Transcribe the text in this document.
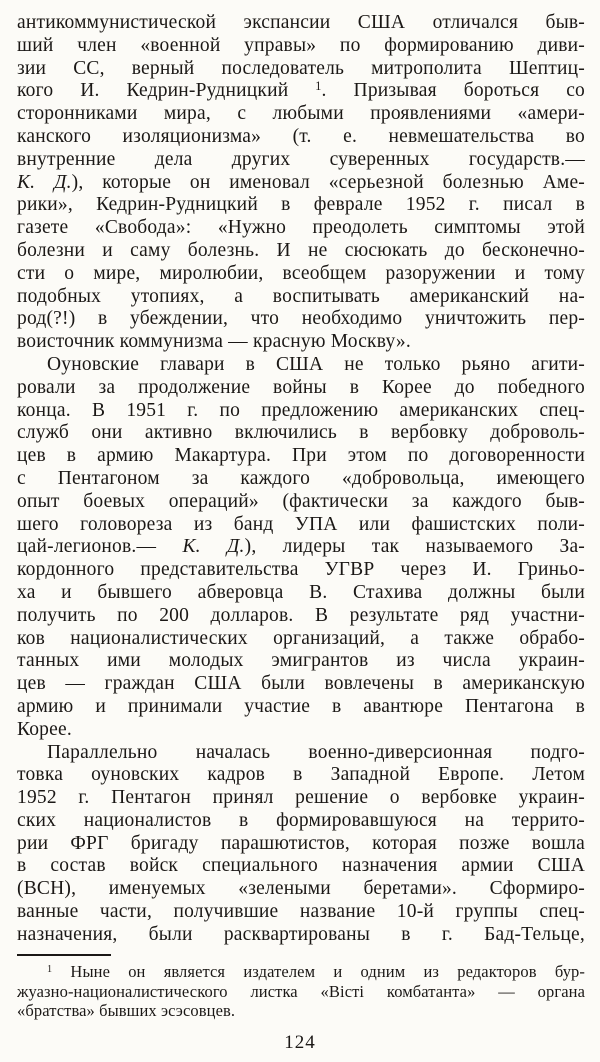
антикоммунистической экспансии США отличался быв-
ший член «военной управы» по формированию диви-
зии СС, верный последователь митрополита Шептиц-
кого И. Кедрин-Рудницкий $^1$. Призывая бороться со
сторонниками мира, с любыми проявлениями «амери-
канского изоляционизма» (т. е. невмешательства во
внутренние дела других суверенных государств.—
К. Д.), которые он именовал «серьезной болезнью Аме-
рики», Кедрин-Рудницкий в феврале 1952 г. писал в
газете «Свобода»: «Нужно преодолеть симптомы этой
болезни и саму болезнь. И не сюсюкать до бесконечно-
сти о мире, миролюбии, всеобщем разоружении и тому
подобных утопиях, а воспитывать американский на-
род(?!) в убеждении, что необходимо уничтожить пер-
воисточник коммунизма — красную Москву».
Оуновские главари в США не только рьяно агити-
ровали за продолжение войны в Корее до победного
конца. В 1951 г. по предложению американских спец-
служб они активно включились в вербовку доброволь-
цев в армию Макартура. При этом по договоренности
с Пентагоном за каждого «добровольца, имеющего
опыт боевых операций» (фактически за каждого быв-
шего головореза из банд УПА или фашистских поли-
цай-легионов.— К. Д.), лидеры так называемого За-
кордонного представительства УГВР через И. Гриньо-
ха и бывшего абверовца В. Стахива должны были
получить по 200 долларов. В результате ряд участни-
ков националистических организаций, а также обрабо-
танных ими молодых эмигрантов из числа украин-
цев — граждан США были вовлечены в американскую
армию и принимали участие в авантюре Пентагона в
Корее.
Параллельно началась военно-диверсионная подго-
товка оуновских кадров в Западной Европе. Летом
1952 г. Пентагон принял решение о вербовке украин-
ских националистов в формировавшуюся на террито-
рии ФРГ бригаду парашютистов, которая позже вошла
в состав войск специального назначения армии США
(ВСН), именуемых «зелеными беретами». Сформиро-
ванные части, получившие название 10-й группы спец-
назначения, были расквартированы в г. Бад-Тельце,
$^1$ Ныне он является издателем и одним из редакторов бур-
жуазно-националистического листка «Вісті комбатанта» — органа
«братства» бывших эсэсовцев.
124
